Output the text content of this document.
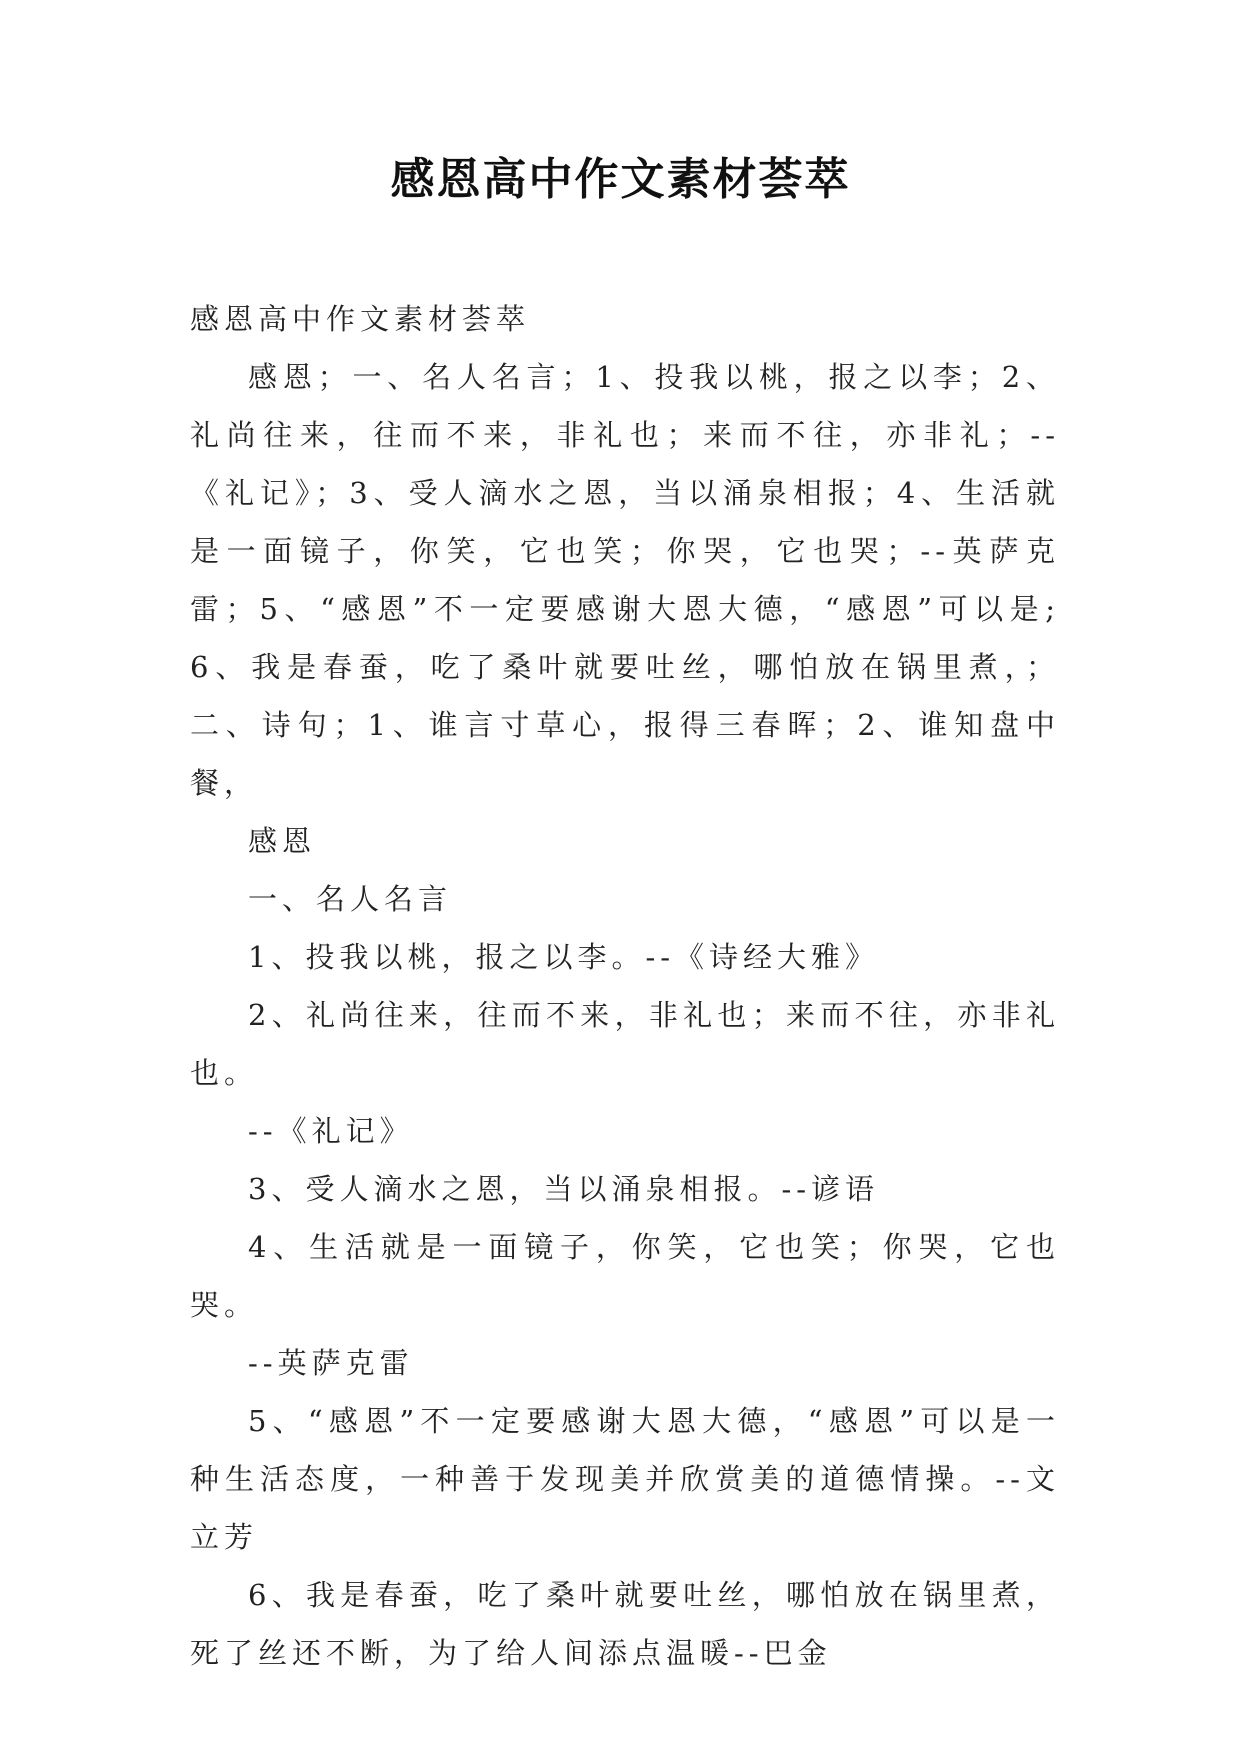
感恩高中作文素材荟萃

感恩高中作文素材荟萃

感恩；一、名人名言；1、投我以桃，报之以李；2、礼尚往来，往而不来，非礼也；来而不往，亦非礼；--《礼记》；3、受人滴水之恩，当以涌泉相报；4、生活就是一面镜子，你笑，它也笑；你哭，它也哭；--英萨克雷；5、“感恩”不一定要感谢大恩大德，“感恩”可以是;6、我是春蚕，吃了桑叶就要吐丝，哪怕放在锅里煮，；二、诗句；1、谁言寸草心，报得三春晖；2、谁知盘中餐，

感恩

一、名人名言

1、投我以桃，报之以李。--《诗经大雅》

2、礼尚往来，往而不来，非礼也；来而不往，亦非礼也。

--《礼记》

3、受人滴水之恩，当以涌泉相报。--谚语

4、生活就是一面镜子，你笑，它也笑；你哭，它也哭。

--英萨克雷

5、“感恩”不一定要感谢大恩大德，“感恩”可以是一种生活态度，一种善于发现美并欣赏美的道德情操。--文立芳

6、我是春蚕，吃了桑叶就要吐丝，哪怕放在锅里煮，死了丝还不断，为了给人间添点温暖--巴金
